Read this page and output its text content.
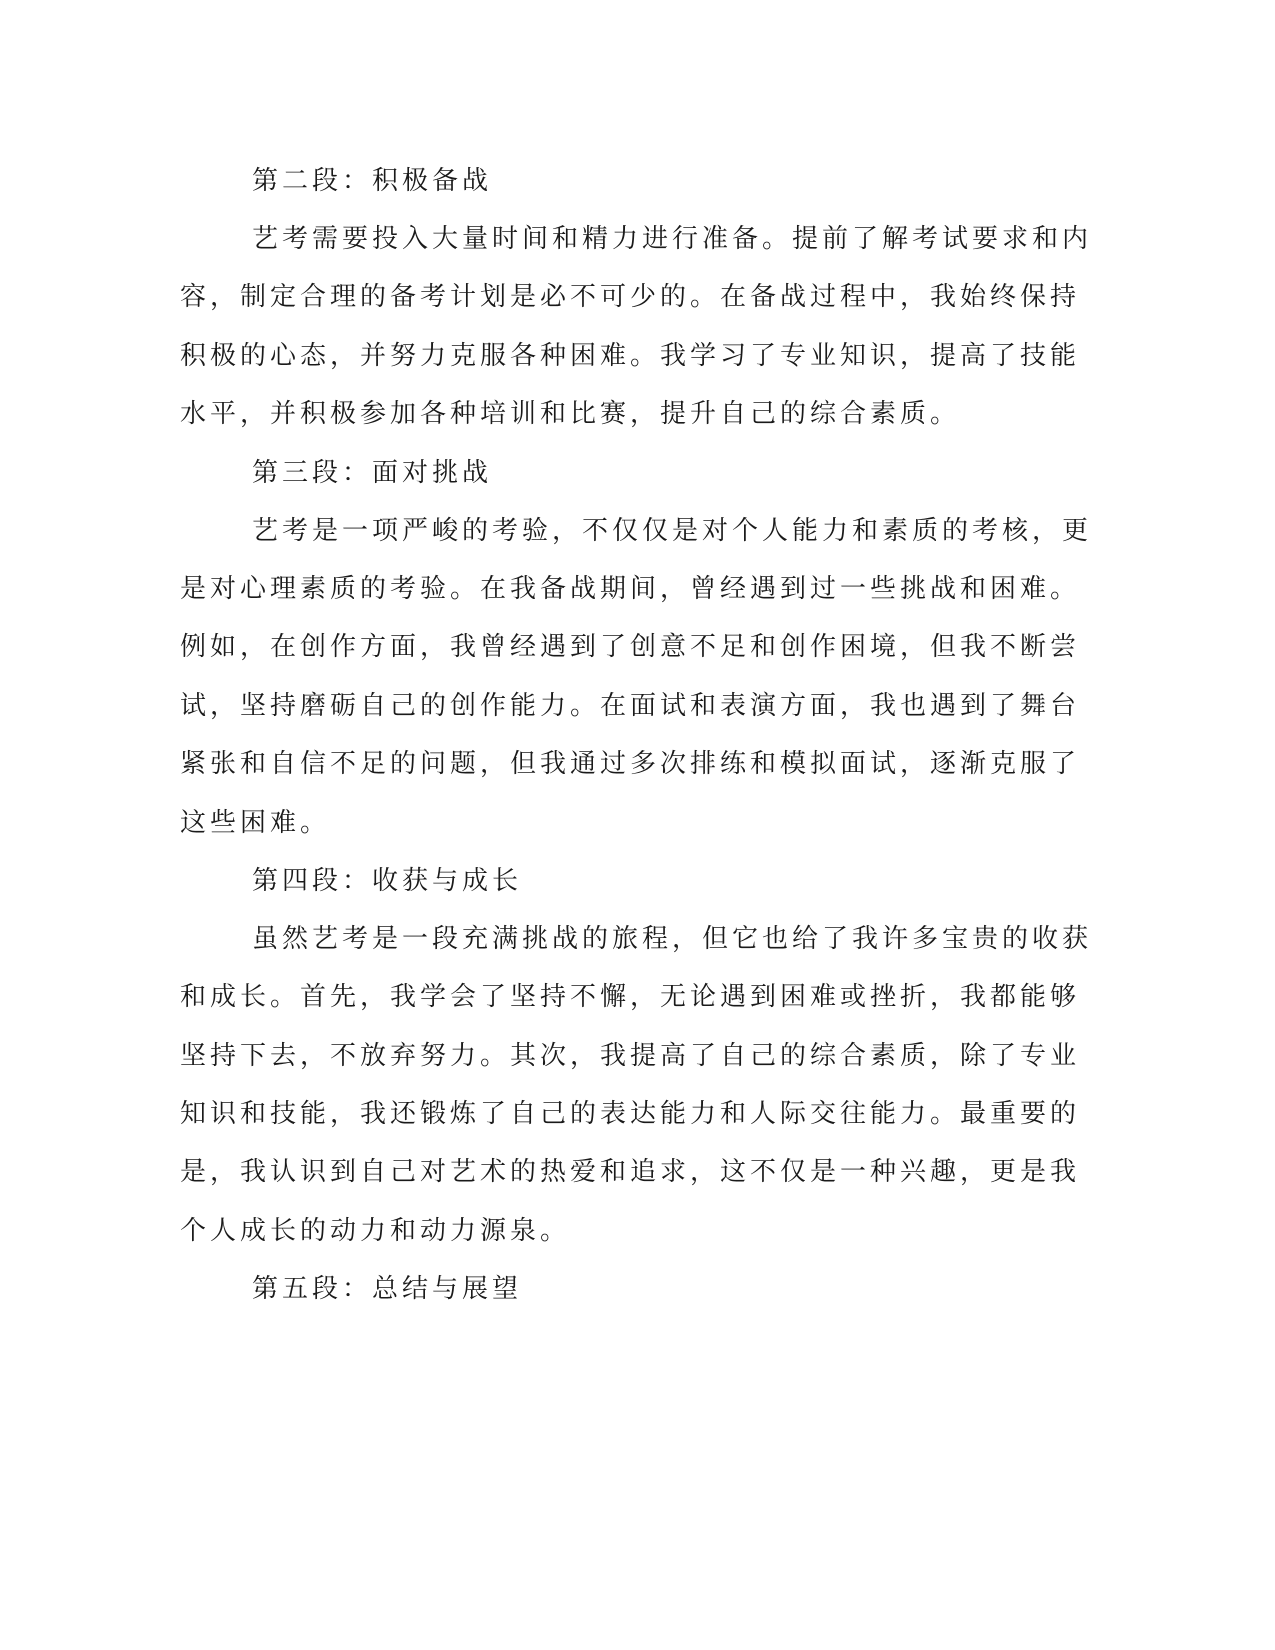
第二段：积极备战
艺考需要投入大量时间和精力进行准备。提前了解考试要求和内
容，制定合理的备考计划是必不可少的。在备战过程中，我始终保持
积极的心态，并努力克服各种困难。我学习了专业知识，提高了技能
水平，并积极参加各种培训和比赛，提升自己的综合素质。
第三段：面对挑战
艺考是一项严峻的考验，不仅仅是对个人能力和素质的考核，更
是对心理素质的考验。在我备战期间，曾经遇到过一些挑战和困难。
例如，在创作方面，我曾经遇到了创意不足和创作困境，但我不断尝
试，坚持磨砺自己的创作能力。在面试和表演方面，我也遇到了舞台
紧张和自信不足的问题，但我通过多次排练和模拟面试，逐渐克服了
这些困难。
第四段：收获与成长
虽然艺考是一段充满挑战的旅程，但它也给了我许多宝贵的收获
和成长。首先，我学会了坚持不懈，无论遇到困难或挫折，我都能够
坚持下去，不放弃努力。其次，我提高了自己的综合素质，除了专业
知识和技能，我还锻炼了自己的表达能力和人际交往能力。最重要的
是，我认识到自己对艺术的热爱和追求，这不仅是一种兴趣，更是我
个人成长的动力和动力源泉。
第五段：总结与展望
